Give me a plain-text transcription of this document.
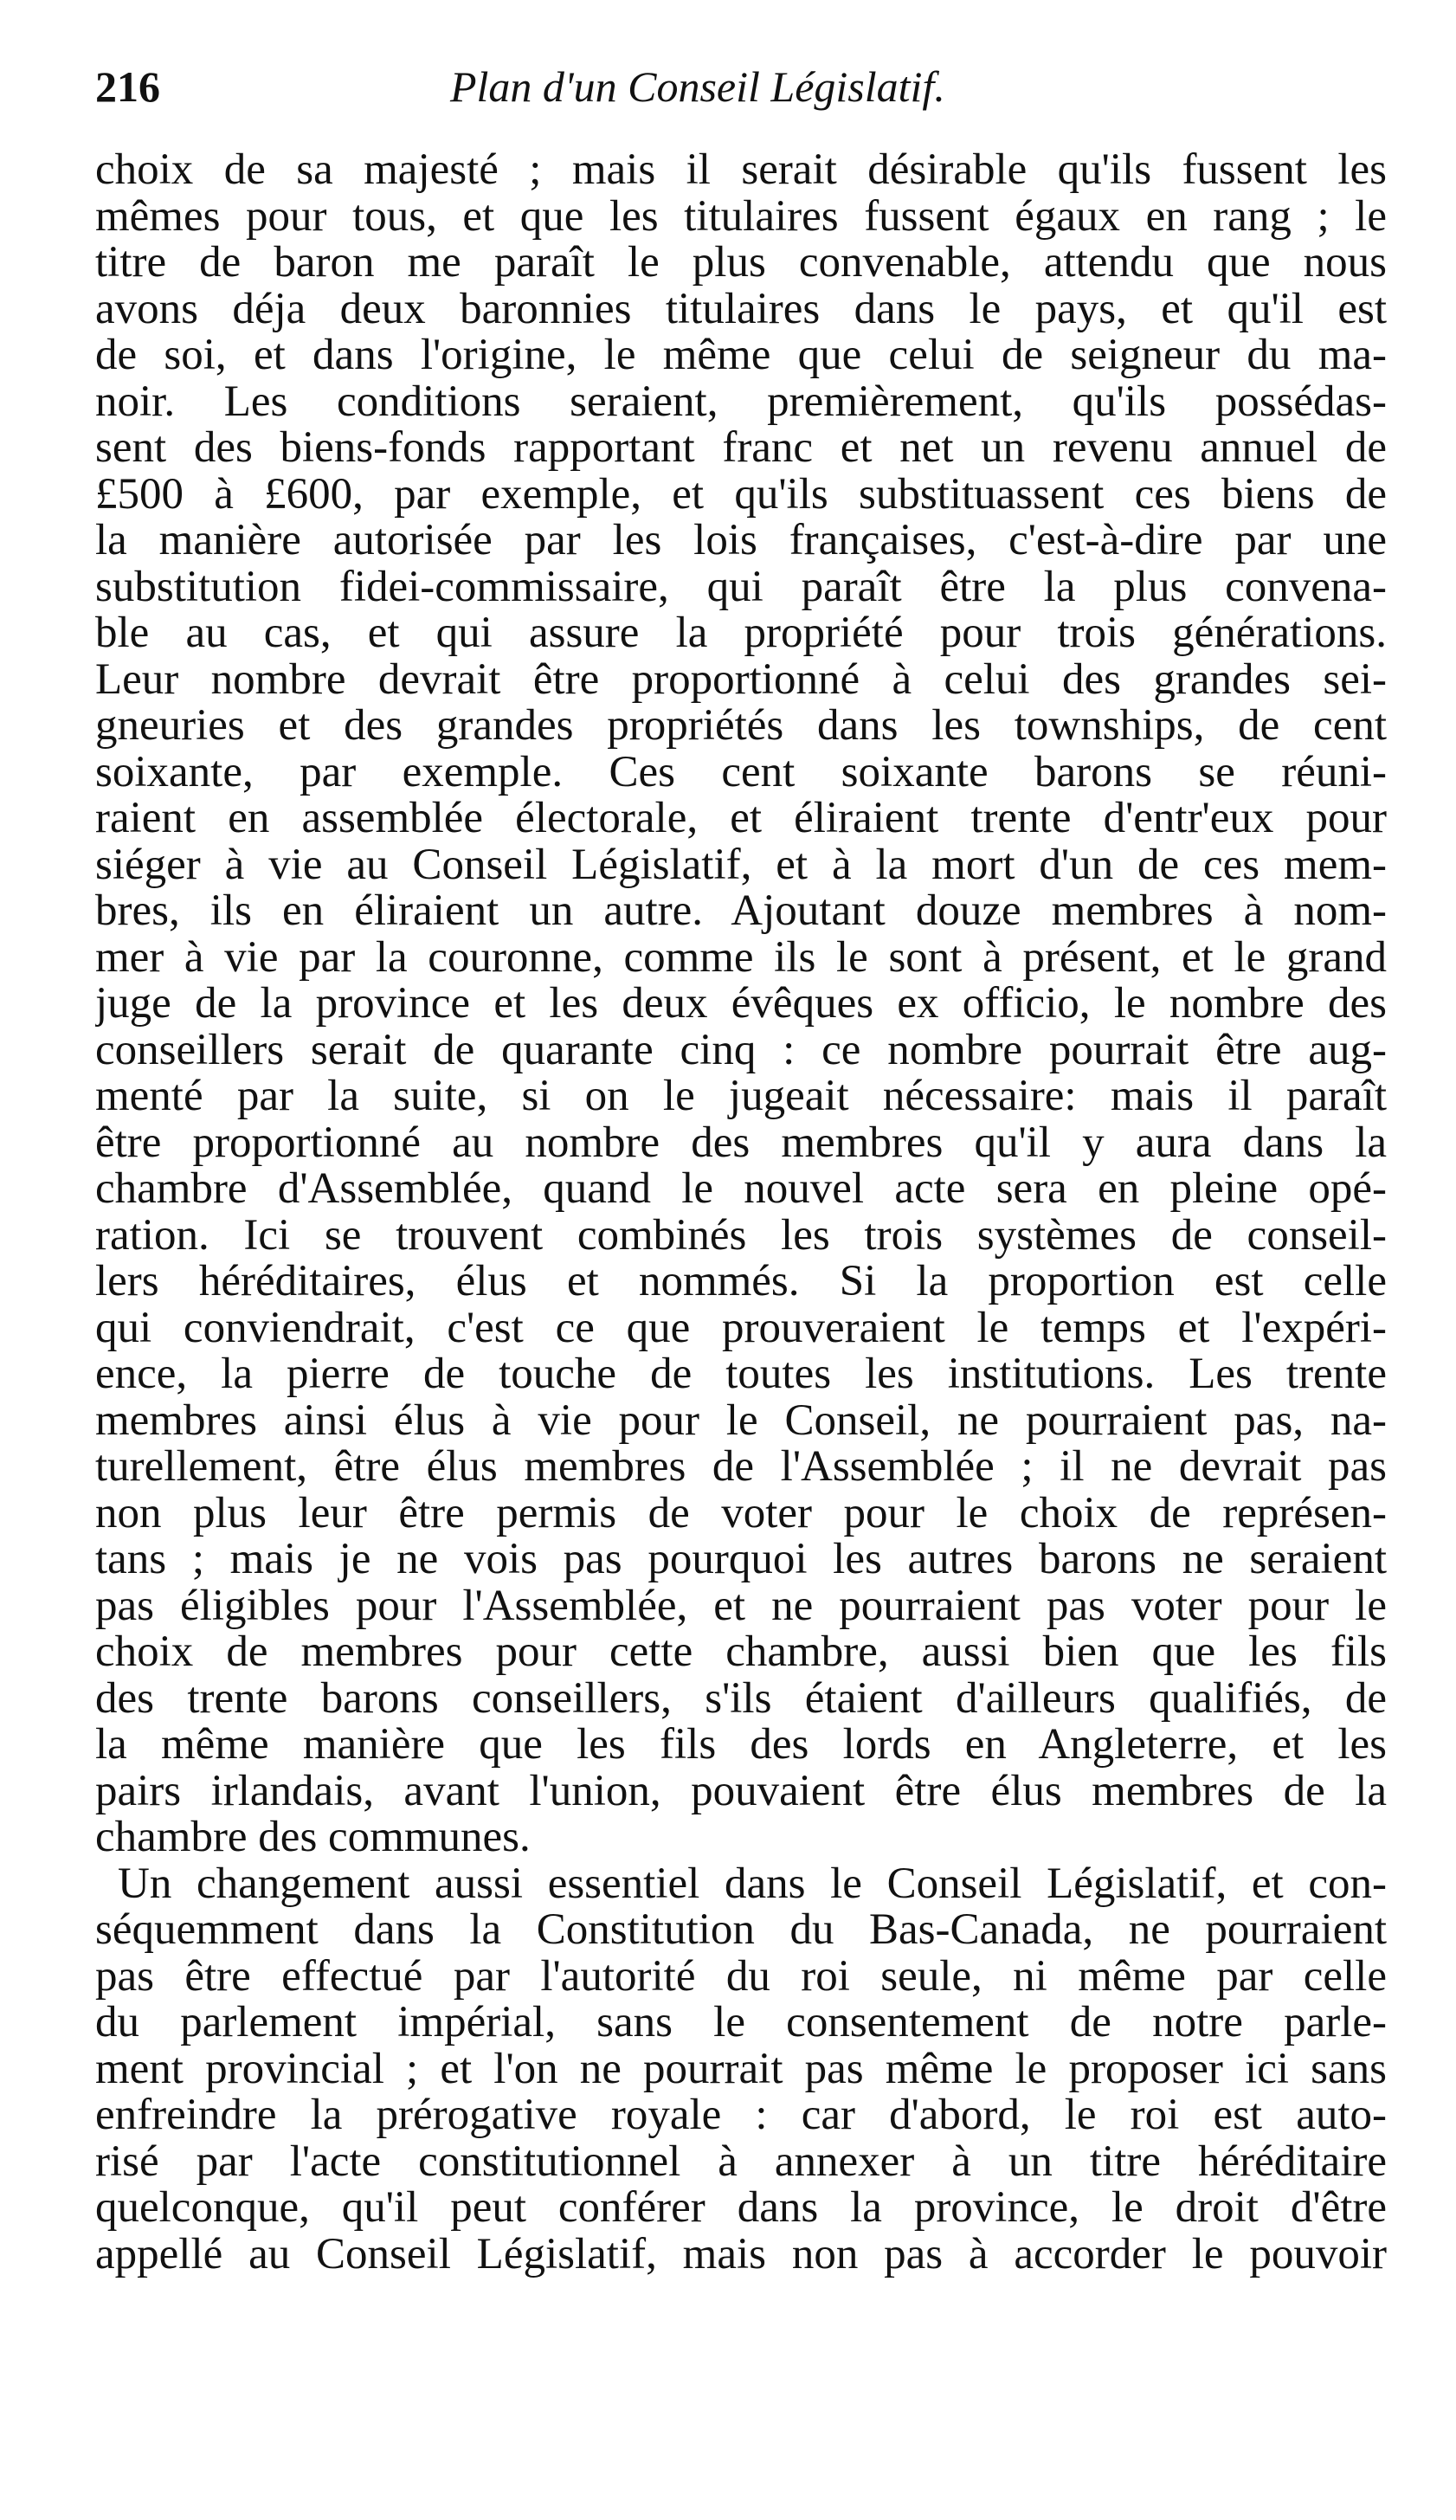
216	Plan d'un Conseil Législatif.
choix de sa majesté ; mais il serait désirable qu'ils fussent les
mêmes pour tous, et que les titulaires fussent égaux en rang ; le
titre de baron me paraît le plus convenable, attendu que nous
avons déja deux baronnies titulaires dans le pays, et qu'il est
de soi, et dans l'origine, le même que celui de seigneur du ma-
noir. Les conditions seraient, premièrement, qu'ils possédas-
sent des biens-fonds rapportant franc et net un revenu annuel de
£500 à £600, par exemple, et qu'ils substituassent ces biens de
la manière autorisée par les lois françaises, c'est-à-dire par une
substitution fidei-commissaire, qui paraît être la plus convena-
ble au cas, et qui assure la propriété pour trois générations.
Leur nombre devrait être proportionné à celui des grandes sei-
gneuries et des grandes propriétés dans les townships, de cent
soixante, par exemple. Ces cent soixante barons se réuni-
raient en assemblée électorale, et éliraient trente d'entr'eux pour
siéger à vie au Conseil Législatif, et à la mort d'un de ces mem-
bres, ils en éliraient un autre. Ajoutant douze membres à nom-
mer à vie par la couronne, comme ils le sont à présent, et le grand
juge de la province et les deux évêques ex officio, le nombre des
conseillers serait de quarante cinq : ce nombre pourrait être aug-
menté par la suite, si on le jugeait nécessaire: mais il paraît
être proportionné au nombre des membres qu'il y aura dans la
chambre d'Assemblée, quand le nouvel acte sera en pleine opé-
ration. Ici se trouvent combinés les trois systèmes de conseil-
lers héréditaires, élus et nommés. Si la proportion est celle
qui conviendrait, c'est ce que prouveraient le temps et l'expéri-
ence, la pierre de touche de toutes les institutions. Les trente
membres ainsi élus à vie pour le Conseil, ne pourraient pas, na-
turellement, être élus membres de l'Assemblée ; il ne devrait pas
non plus leur être permis de voter pour le choix de représen-
tans ; mais je ne vois pas pourquoi les autres barons ne seraient
pas éligibles pour l'Assemblée, et ne pourraient pas voter pour le
choix de membres pour cette chambre, aussi bien que les fils
des trente barons conseillers, s'ils étaient d'ailleurs qualifiés, de
la même manière que les fils des lords en Angleterre, et les
pairs irlandais, avant l'union, pouvaient être élus membres de la
chambre des communes.
Un changement aussi essentiel dans le Conseil Législatif, et con-
séquemment dans la Constitution du Bas-Canada, ne pourraient
pas être effectué par l'autorité du roi seule, ni même par celle
du parlement impérial, sans le consentement de notre parle-
ment provincial ; et l'on ne pourrait pas même le proposer ici sans
enfreindre la prérogative royale : car d'abord, le roi est auto-
risé par l'acte constitutionnel à annexer à un titre héréditaire
quelconque, qu'il peut conférer dans la province, le droit d'être
appellé au Conseil Législatif, mais non pas à accorder le pouvoir
